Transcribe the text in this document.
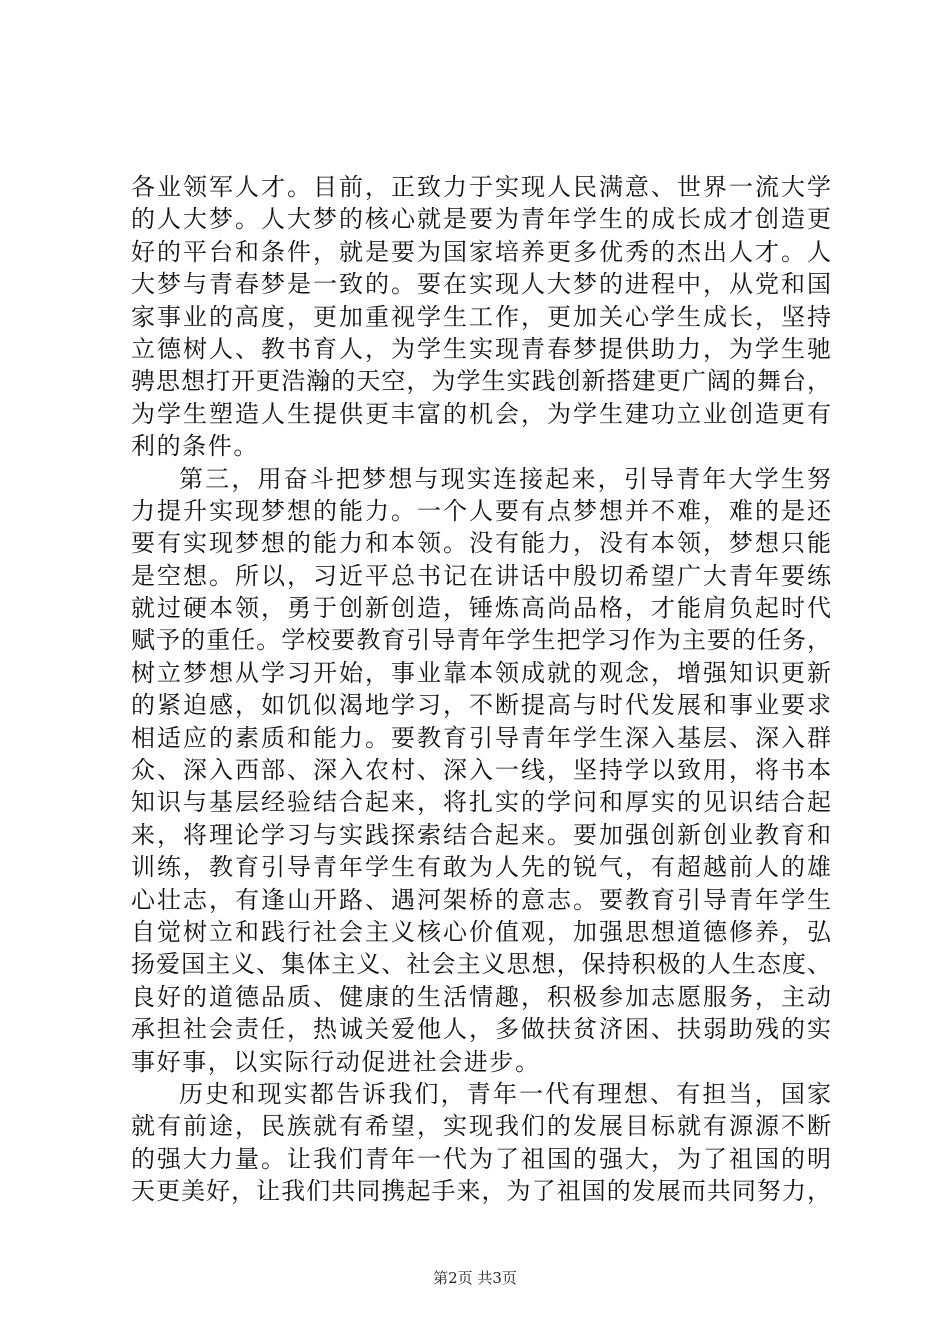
各业领军人才。目前，正致力于实现人民满意、世界一流大学
的人大梦。人大梦的核心就是要为青年学生的成长成才创造更
好的平台和条件，就是要为国家培养更多优秀的杰出人才。人
大梦与青春梦是一致的。要在实现人大梦的进程中，从党和国
家事业的高度，更加重视学生工作，更加关心学生成长，坚持
立德树人、教书育人，为学生实现青春梦提供助力，为学生驰
骋思想打开更浩瀚的天空，为学生实践创新搭建更广阔的舞台，
为学生塑造人生提供更丰富的机会，为学生建功立业创造更有
利的条件。
第三，用奋斗把梦想与现实连接起来，引导青年大学生努
力提升实现梦想的能力。一个人要有点梦想并不难，难的是还
要有实现梦想的能力和本领。没有能力，没有本领，梦想只能
是空想。所以，习近平总书记在讲话中殷切希望广大青年要练
就过硬本领，勇于创新创造，锤炼高尚品格，才能肩负起时代
赋予的重任。学校要教育引导青年学生把学习作为主要的任务，
树立梦想从学习开始，事业靠本领成就的观念，增强知识更新
的紧迫感，如饥似渴地学习，不断提高与时代发展和事业要求
相适应的素质和能力。要教育引导青年学生深入基层、深入群
众、深入西部、深入农村、深入一线，坚持学以致用，将书本
知识与基层经验结合起来，将扎实的学问和厚实的见识结合起
来，将理论学习与实践探索结合起来。要加强创新创业教育和
训练，教育引导青年学生有敢为人先的锐气，有超越前人的雄
心壮志，有逢山开路、遇河架桥的意志。要教育引导青年学生
自觉树立和践行社会主义核心价值观，加强思想道德修养，弘
扬爱国主义、集体主义、社会主义思想，保持积极的人生态度、
良好的道德品质、健康的生活情趣，积极参加志愿服务，主动
承担社会责任，热诚关爱他人，多做扶贫济困、扶弱助残的实
事好事，以实际行动促进社会进步。
历史和现实都告诉我们，青年一代有理想、有担当，国家
就有前途，民族就有希望，实现我们的发展目标就有源源不断
的强大力量。让我们青年一代为了祖国的强大，为了祖国的明
天更美好，让我们共同携起手来，为了祖国的发展而共同努力，
第2页 共3页
